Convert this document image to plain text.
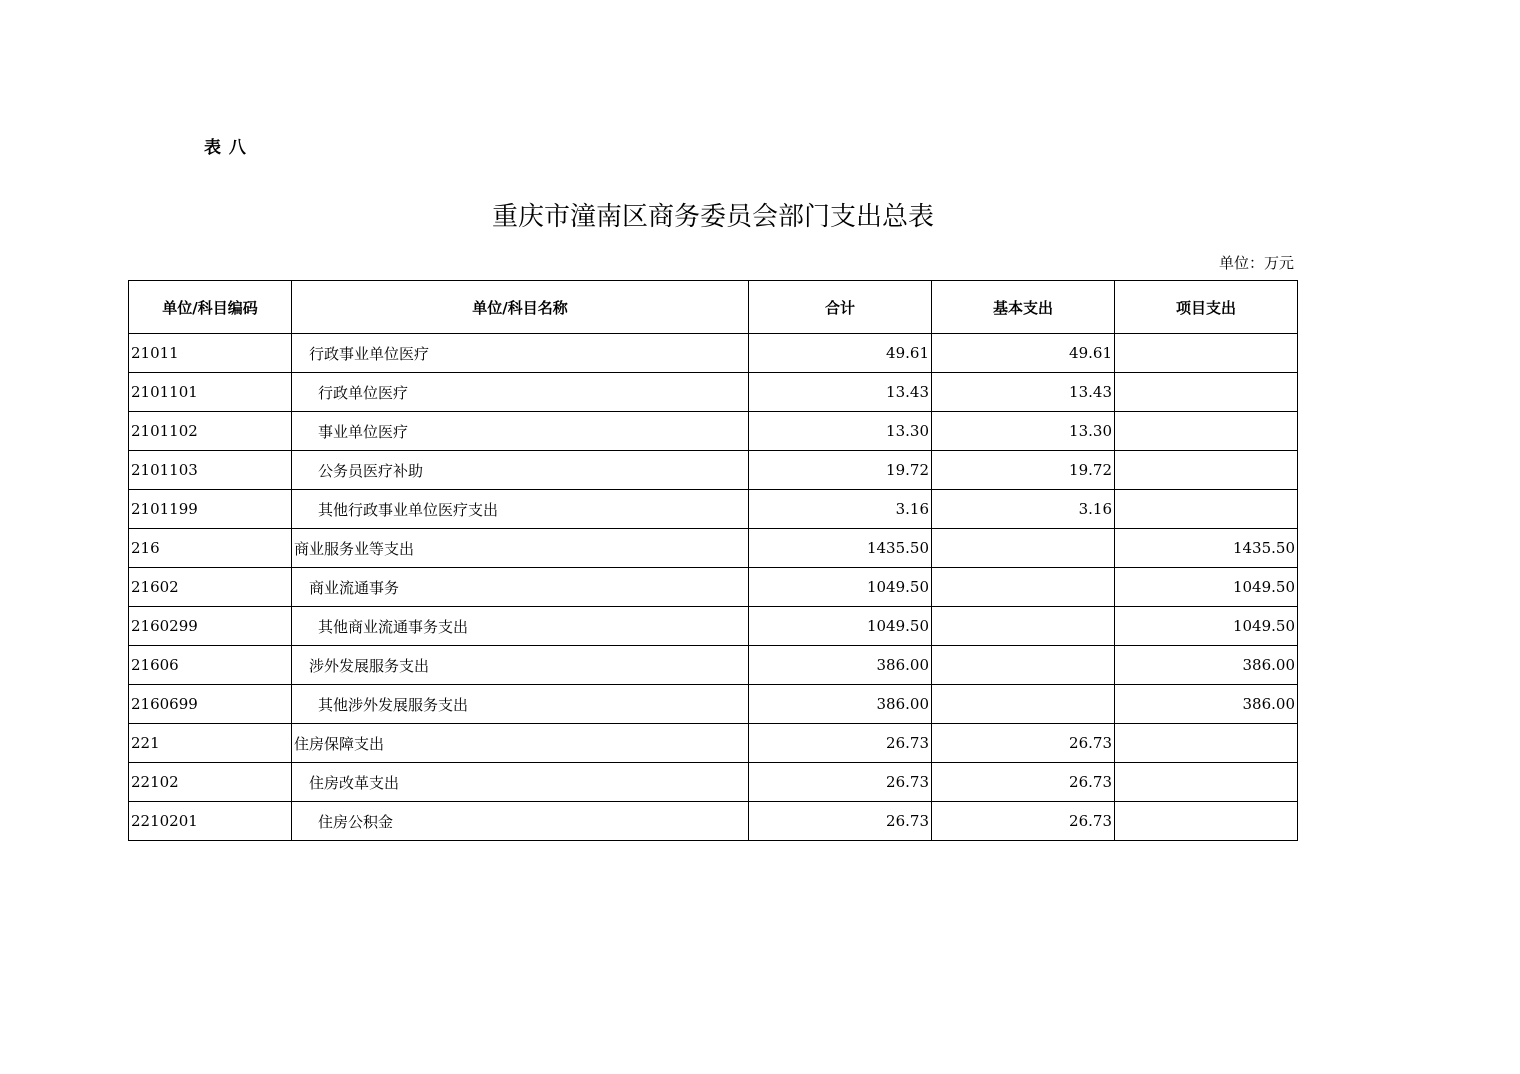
表 八
重庆市潼南区商务委员会部门支出总表
单位：万元
单位/科目编码	单位/科目名称	合计	基本支出	项目支出
21011	行政事业单位医疗	49.61	49.61	
2101101	行政单位医疗	13.43	13.43	
2101102	事业单位医疗	13.30	13.30	
2101103	公务员医疗补助	19.72	19.72	
2101199	其他行政事业单位医疗支出	3.16	3.16	
216	商业服务业等支出	1435.50		1435.50
21602	商业流通事务	1049.50		1049.50
2160299	其他商业流通事务支出	1049.50		1049.50
21606	涉外发展服务支出	386.00		386.00
2160699	其他涉外发展服务支出	386.00		386.00
221	住房保障支出	26.73	26.73	
22102	住房改革支出	26.73	26.73	
2210201	住房公积金	26.73	26.73	
